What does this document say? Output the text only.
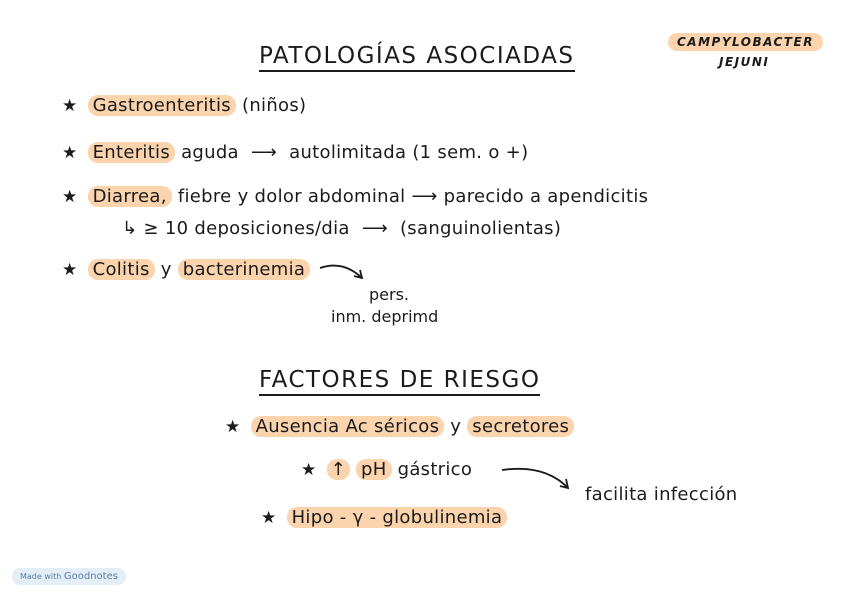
CAMPYLOBACTER
JEJUNI
PATOLOGÍAS ASOCIADAS
★ Gastroenteritis (niños)
★ Enteritis aguda  ⟶  autolimitada (1 sem. o +)
★ Diarrea, fiebre y dolor abdominal ⟶ parecido a apendicitis
↳ ≥ 10 deposiciones/dia  ⟶  (sanguinolientas)
★ Colitis y bacterinemia
pers.
inm. deprimd
FACTORES DE RIESGO
★ Ausencia Ac séricos y secretores
★ ↑ pH gástrico
facilita infección
★ Hipo - γ - globulinemia
Made with Goodnotes
